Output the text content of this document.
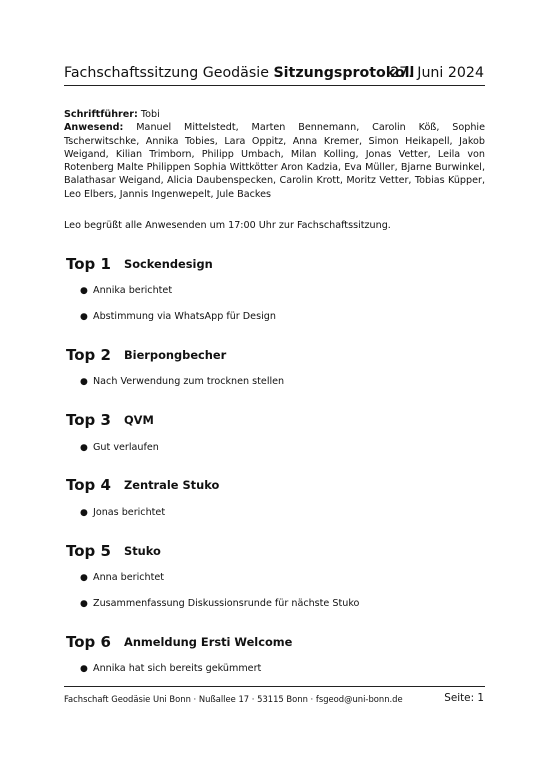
Fachschaftssitzung Geodäsie Sitzungsprotokoll
27. Juni 2024
Schriftführer: Tobi
Anwesend: Manuel Mittelstedt, Marten Bennemann, Carolin Köß, Sophie Tscherwitschke, Annika Tobies, Lara Oppitz, Anna Kremer, Simon Heikapell, Jakob Weigand, Kilian Trimborn, Philipp Umbach, Milan Kolling, Jonas Vetter, Leila von Rotenberg Malte Philippen Sophia Wittkötter Aron Kadzia, Eva Müller, Bjarne Burwinkel, Balathasar Weigand, Alicia Daubenspecken, Carolin Krott, Moritz Vetter, Tobias Küpper, Leo Elbers, Jannis Ingenwepelt, Jule Backes
Leo begrüßt alle Anwesenden um 17:00 Uhr zur Fachschaftssitzung.
Top 1 Sockendesign
● Annika berichtet
● Abstimmung via WhatsApp für Design
Top 2 Bierpongbecher
● Nach Verwendung zum trocknen stellen
Top 3 QVM
● Gut verlaufen
Top 4 Zentrale Stuko
● Jonas berichtet
Top 5 Stuko
● Anna berichtet
● Zusammenfassung Diskussionsrunde für nächste Stuko
Top 6 Anmeldung Ersti Welcome
● Annika hat sich bereits gekümmert
Fachschaft Geodäsie Uni Bonn · Nußallee 17 · 53115 Bonn · fsgeod@uni-bonn.de	Seite: 1
